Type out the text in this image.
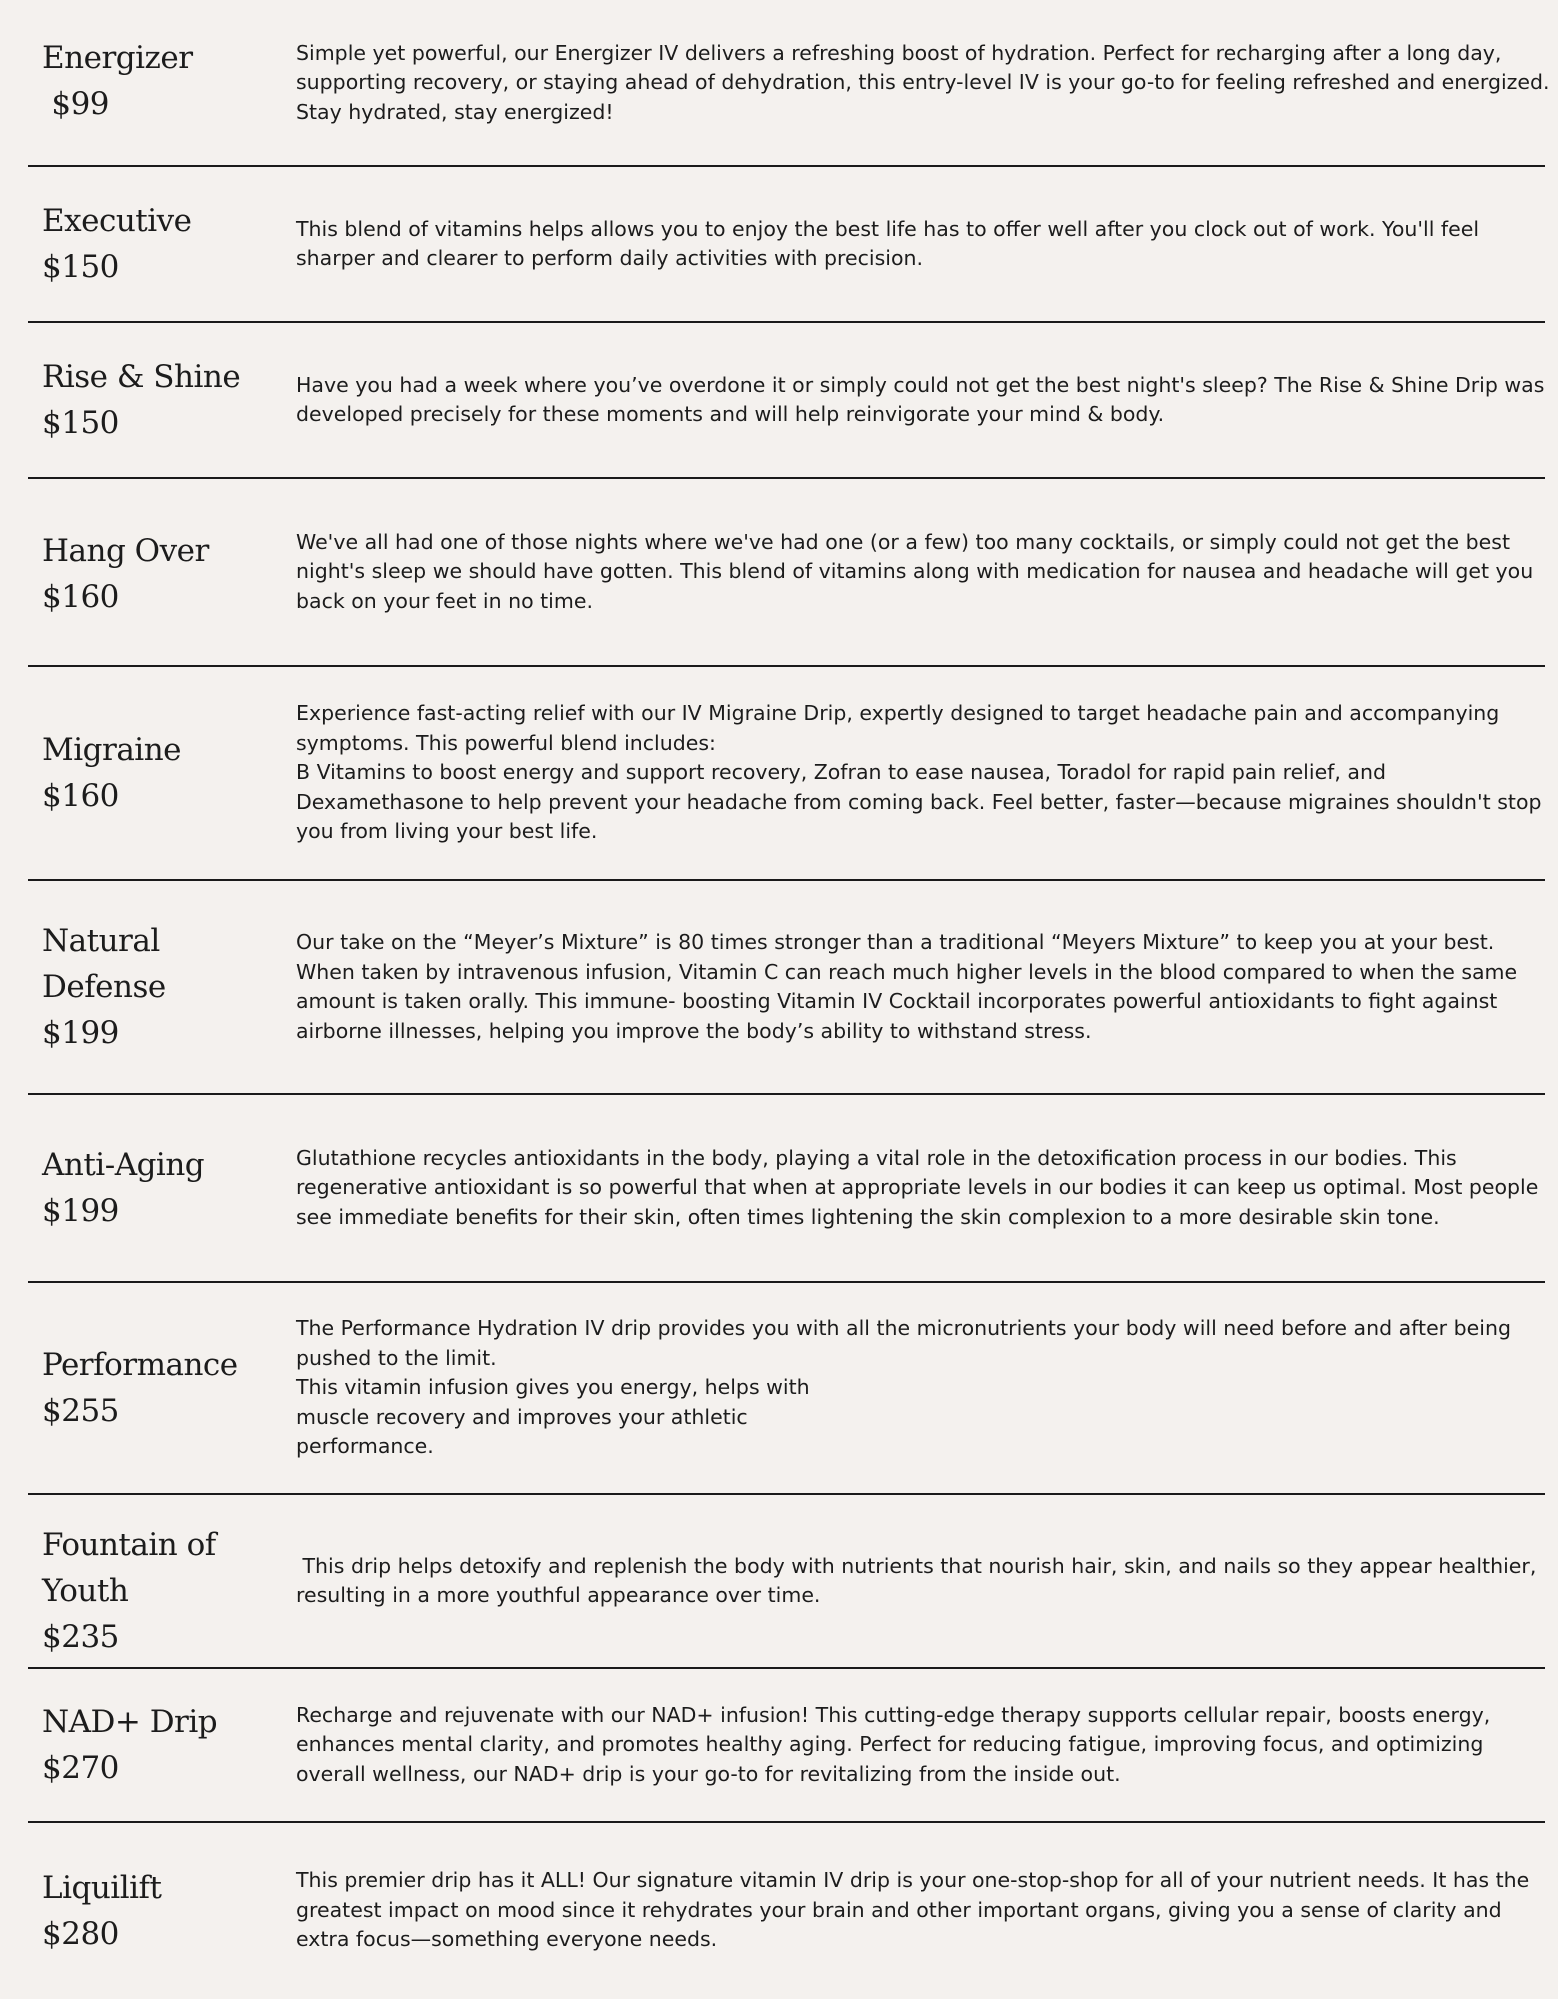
Energizer
$99

Simple yet powerful, our Energizer IV delivers a refreshing boost of hydration. Perfect for recharging after a long day, supporting recovery, or staying ahead of dehydration, this entry-level IV is your go-to for feeling refreshed and energized. Stay hydrated, stay energized!

Executive
$150

This blend of vitamins helps allows you to enjoy the best life has to offer well after you clock out of work. You'll feel sharper and clearer to perform daily activities with precision.

Rise & Shine
$150

Have you had a week where you’ve overdone it or simply could not get the best night's sleep? The Rise & Shine Drip was developed precisely for these moments and will help reinvigorate your mind & body.

Hang Over
$160

We've all had one of those nights where we've had one (or a few) too many cocktails, or simply could not get the best night's sleep we should have gotten. This blend of vitamins along with medication for nausea and headache will get you back on your feet in no time.

Migraine
$160

Experience fast-acting relief with our IV Migraine Drip, expertly designed to target headache pain and accompanying symptoms. This powerful blend includes:

B Vitamins to boost energy and support recovery, Zofran to ease nausea, Toradol for rapid pain relief, and Dexamethasone to help prevent your headache from coming back. Feel better, faster—because migraines shouldn't stop you from living your best life.

Natural Defense
$199

Our take on the “Meyer’s Mixture” is 80 times stronger than a traditional “Meyers Mixture” to keep you at your best. When taken by intravenous infusion, Vitamin C can reach much higher levels in the blood compared to when the same amount is taken orally. This immune- boosting Vitamin IV Cocktail incorporates powerful antioxidants to fight against airborne illnesses, helping you improve the body’s ability to withstand stress.

Anti-Aging
$199

Glutathione recycles antioxidants in the body, playing a vital role in the detoxification process in our bodies. This regenerative antioxidant is so powerful that when at appropriate levels in our bodies it can keep us optimal. Most people see immediate benefits for their skin, often times lightening the skin complexion to a more desirable skin tone.

Performance
$255

The Performance Hydration IV drip provides you with all the micronutrients your body will need before and after being pushed to the limit.

This vitamin infusion gives you energy, helps with

muscle recovery and improves your athletic

performance.

Fountain of Youth
$235

This drip helps detoxify and replenish the body with nutrients that nourish hair, skin, and nails so they appear healthier, resulting in a more youthful appearance over time.

NAD+ Drip
$270

Recharge and rejuvenate with our NAD+ infusion! This cutting-edge therapy supports cellular repair, boosts energy, enhances mental clarity, and promotes healthy aging. Perfect for reducing fatigue, improving focus, and optimizing overall wellness, our NAD+ drip is your go-to for revitalizing from the inside out.

Liquilift
$280

This premier drip has it ALL! Our signature vitamin IV drip is your one-stop-shop for all of your nutrient needs. It has the greatest impact on mood since it rehydrates your brain and other important organs, giving you a sense of clarity and extra focus—something everyone needs.
